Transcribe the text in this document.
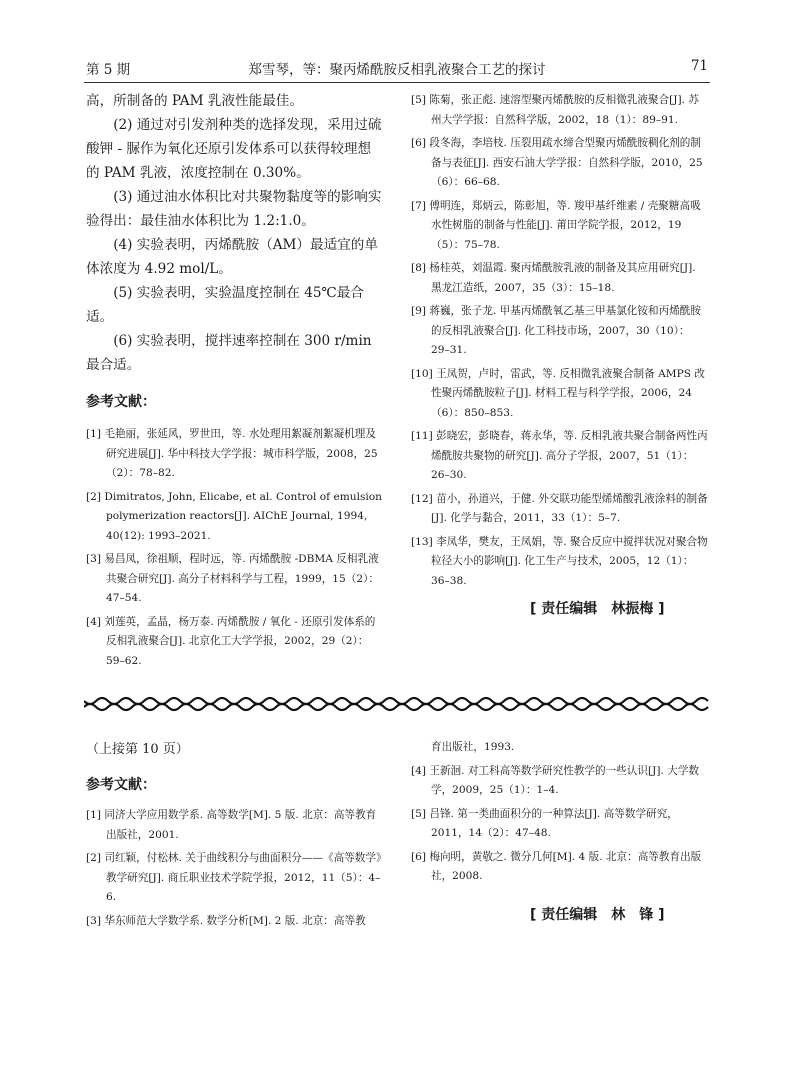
第 5 期	郑雪琴，等：聚丙烯酰胺反相乳液聚合工艺的探讨	71

高，所制备的 PAM 乳液性能最佳。

(2) 通过对引发剂种类的选择发现，采用过硫酸钾 - 脲作为氧化还原引发体系可以获得较理想的 PAM 乳液，浓度控制在 0.30%。

(3) 通过油水体积比对共聚物黏度等的影响实验得出：最佳油水体积比为 1.2:1.0。

(4) 实验表明，丙烯酰胺（AM）最适宜的单体浓度为 4.92 mol/L。

(5) 实验表明，实验温度控制在 45℃最合适。

(6) 实验表明，搅拌速率控制在 300 r/min 最合适。

参考文献：

[1] 毛艳丽，张延风，罗世田，等. 水处理用絮凝剂絮凝机理及研究进展[J]. 华中科技大学学报：城市科学版，2008，25（2）：78–82.

[2] Dimitratos, John, Elicabe, et al. Control of emulsion polymerization reactors[J]. AIChE Journal, 1994, 40(12): 1993–2021.

[3] 易昌凤，徐祖顺，程时远，等. 丙烯酰胺 -DBMA 反相乳液共聚合研究[J]. 高分子材料科学与工程，1999，15（2）：47–54.

[4] 刘莲英，孟晶，杨万泰. 丙烯酰胺 / 氧化 - 还原引发体系的反相乳液聚合[J]. 北京化工大学学报，2002，29（2）：59–62.

[5] 陈菊，张正彪. 速溶型聚丙烯酰胺的反相微乳液聚合[J]. 苏州大学学报：自然科学版，2002，18（1）：89–91.

[6] 段冬海，李培枝. 压裂用疏水缔合型聚丙烯酰胺稠化剂的制备与表征[J]. 西安石油大学学报：自然科学版，2010，25（6）：66–68.

[7] 傅明连，郑炳云，陈彰旭，等. 羧甲基纤维素 / 壳聚糖高吸水性树脂的制备与性能[J]. 莆田学院学报，2012，19（5）：75–78.

[8] 杨桂英，刘温霞. 聚丙烯酰胺乳液的制备及其应用研究[J]. 黑龙江造纸，2007，35（3）：15–18.

[9] 蒋巍，张子龙. 甲基丙烯酰氧乙基三甲基氯化铵和丙烯酰胺的反相乳液聚合[J]. 化工科技市场，2007，30（10）：29–31.

[10] 王凤贺，卢时，雷武，等. 反相微乳液聚合制备 AMPS 改性聚丙烯酰胺粒子[J]. 材料工程与科学学报，2006，24（6）：850–853.

[11] 彭晓宏，彭晓春，蒋永华，等. 反相乳液共聚合制备两性丙烯酰胺共聚物的研究[J]. 高分子学报，2007，51（1）：26–30.

[12] 苗小，孙道兴，于健. 外交联功能型烯烯酸乳液涂料的制备[J]. 化学与黏合，2011，33（1）：5–7.

[13] 李凤华，樊友，王凤娟，等. 聚合反应中搅拌状况对聚合物粒径大小的影响[J]. 化工生产与技术，2005，12（1）：36–38.

[ 责任编辑　林振梅 ]

（上接第 10 页）

参考文献：

[1] 同济大学应用数学系. 高等数学[M]. 5 版. 北京：高等教育出版社，2001.

[2] 司红颖，付松林. 关于曲线积分与曲面积分——《高等数学》教学研究[J]. 商丘职业技术学院学报，2012，11（5）：4–6.

[3] 华东师范大学数学系. 数学分析[M]. 2 版. 北京：高等教

育出版社，1993.

[4] 王新洄. 对工科高等数学研究性教学的一些认识[J]. 大学数学，2009，25（1）：1–4.

[5] 吕锋. 第一类曲面积分的一种算法[J]. 高等数学研究，2011，14（2）：47–48.

[6] 梅向明，黄敬之. 微分几何[M]. 4 版. 北京：高等教育出版社，2008.

[ 责任编辑　林　锋 ]
